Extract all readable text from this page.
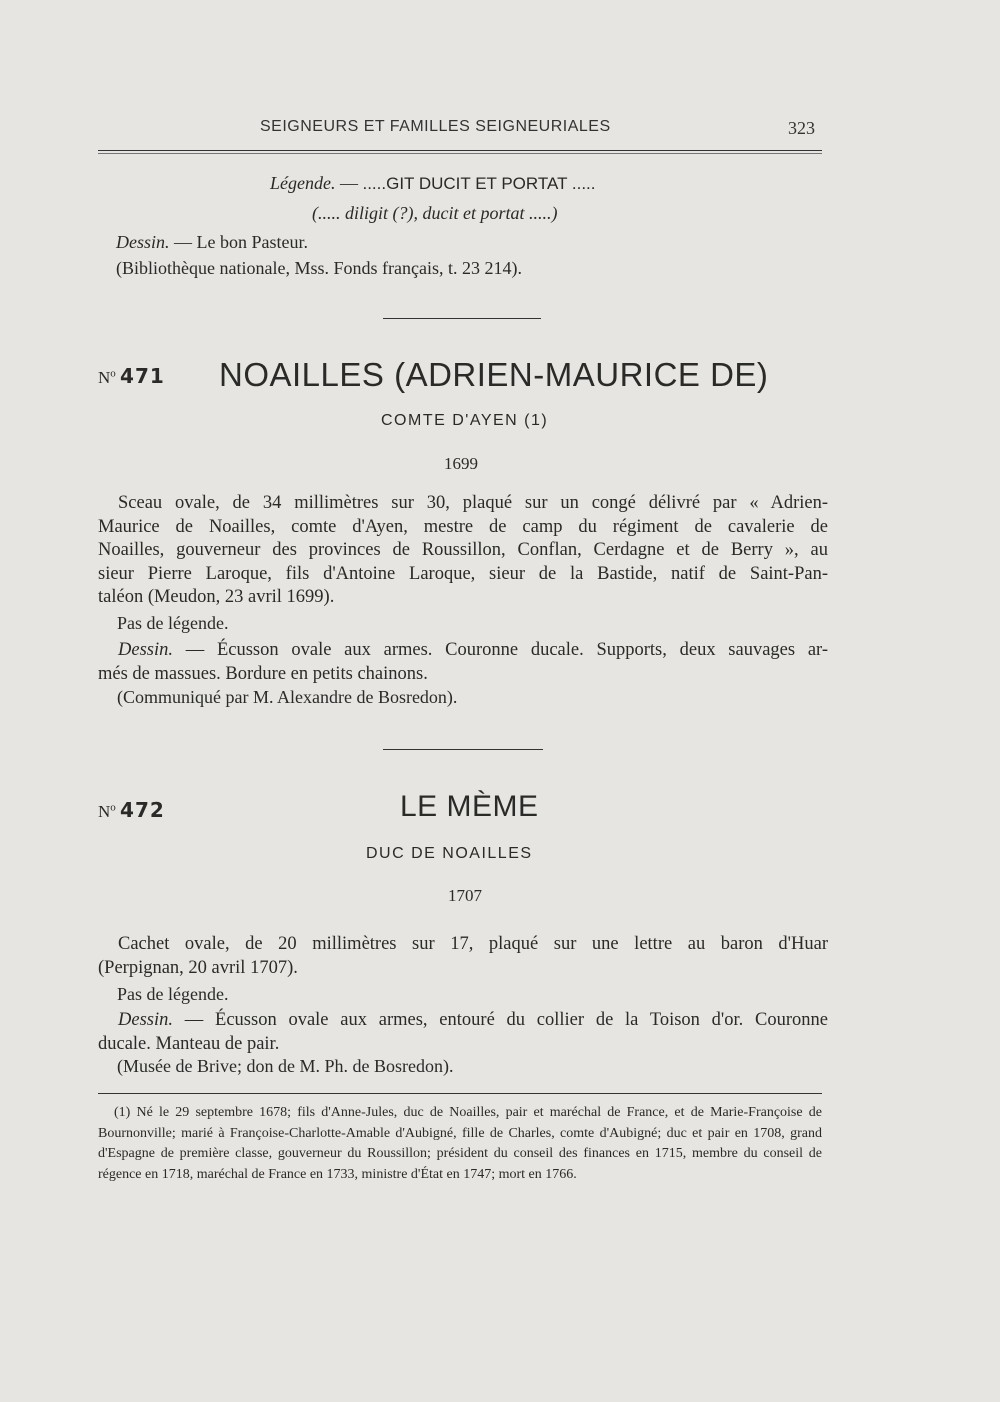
SEIGNEURS ET FAMILLES SEIGNEURIALES	323
Légende. — .....GIT DUCIT ET PORTAT .....
(..... diligit (?), ducit et portat .....)
Dessin. — Le bon Pasteur.
(Bibliothèque nationale, Mss. Fonds français, t. 23 214).
$N^o$ 471 NOAILLES (ADRIEN-MAURICE DE)
COMTE D'AYEN (1)
1699
Sceau ovale, de 34 millimètres sur 30, plaqué sur un congé délivré par « Adrien-
Maurice de Noailles, comte d'Ayen, mestre de camp du régiment de cavalerie de
Noailles, gouverneur des provinces de Roussillon, Conflan, Cerdagne et de Berry », au
sieur Pierre Laroque, fils d'Antoine Laroque, sieur de la Bastide, natif de Saint-Pan-
taléon (Meudon, 23 avril 1699).
Pas de légende.
Dessin. — Écusson ovale aux armes. Couronne ducale. Supports, deux sauvages ar-
més de massues. Bordure en petits chainons.
(Communiqué par M. Alexandre de Bosredon).
$N^o$ 472	LE MÈME
DUC DE NOAILLES
1707
Cachet ovale, de 20 millimètres sur 17, plaqué sur une lettre au baron d'Huar
(Perpignan, 20 avril 1707).
Pas de légende.
Dessin. — Écusson ovale aux armes, entouré du collier de la Toison d'or. Couronne
ducale. Manteau de pair.
(Musée de Brive; don de M. Ph. de Bosredon).
(1) Né le 29 septembre 1678; fils d'Anne-Jules, duc de Noailles, pair et maréchal de France, et de Marie-Françoise de Bournonville; marié à Françoise-Charlotte-Amable d'Aubigné, fille de Charles, comte d'Aubigné; duc et pair en 1708, grand d'Espagne de première classe, gouverneur du Roussillon; président du conseil des finances en 1715, membre du conseil de régence en 1718, maréchal de France en 1733, ministre d'État en 1747; mort en 1766.
